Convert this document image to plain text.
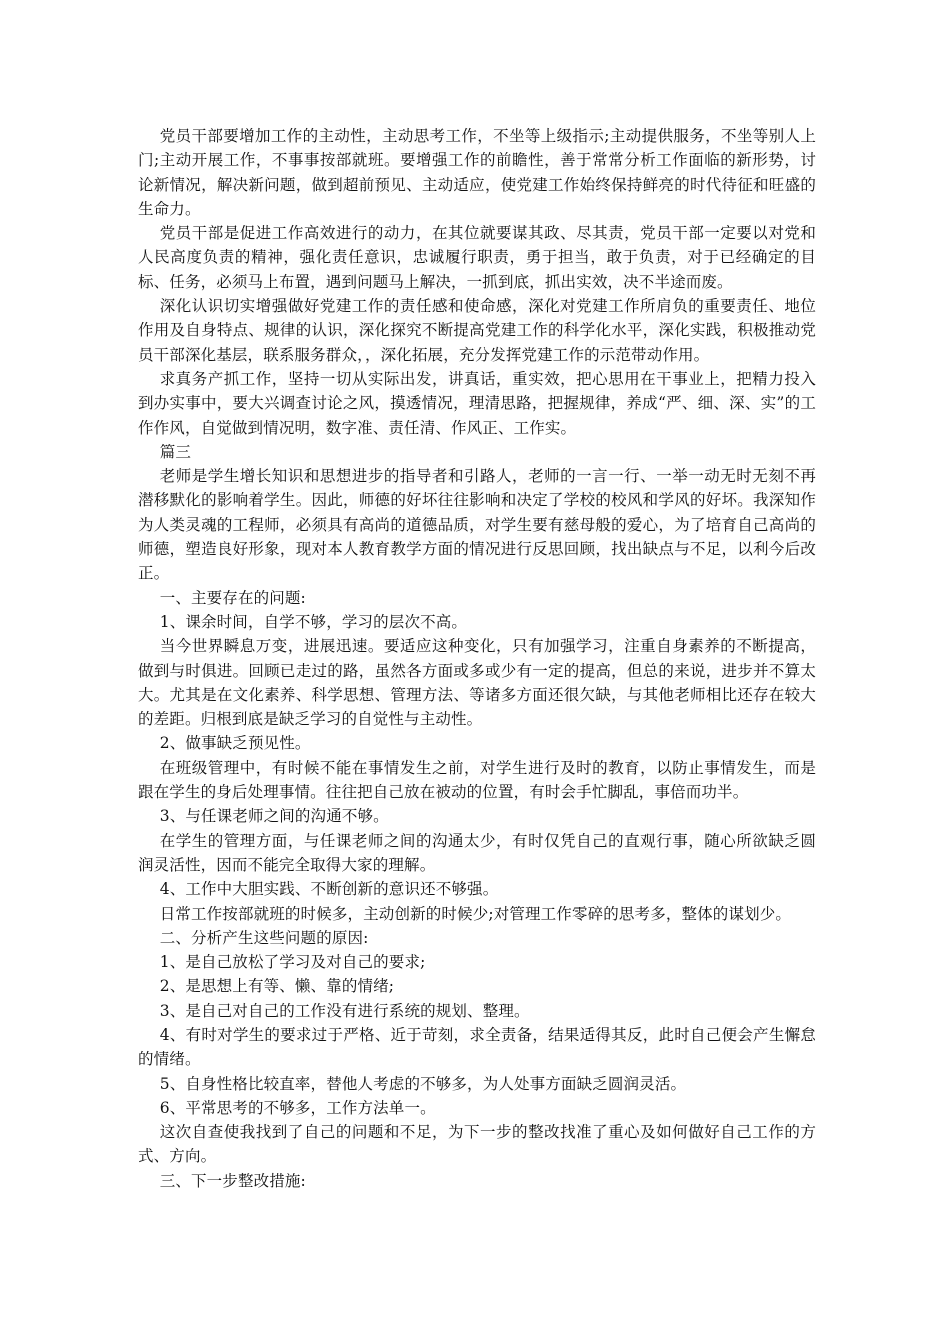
党员干部要增加工作的主动性，主动思考工作，不坐等上级指示;主动提供服务，不坐等别人上门;主动开展工作，不事事按部就班。要增强工作的前瞻性，善于常常分析工作面临的新形势，讨论新情况，解决新问题，做到超前预见、主动适应，使党建工作始终保持鲜亮的时代待征和旺盛的生命力。

党员干部是促进工作高效进行的动力，在其位就要谋其政、尽其责，党员干部一定要以对党和人民高度负责的精神，强化责任意识，忠诚履行职责，勇于担当，敢于负责，对于已经确定的目标、任务，必须马上布置，遇到问题马上解决，一抓到底，抓出实效，决不半途而废。

深化认识切实增强做好党建工作的责任感和使命感，深化对党建工作所肩负的重要责任、地位作用及自身特点、规律的认识，深化探究不断提高党建工作的科学化水平，深化实践，积极推动党员干部深化基层，联系服务群众，，深化拓展，充分发挥党建工作的示范带动作用。

求真务产抓工作，坚持一切从实际出发，讲真话，重实效，把心思用在干事业上，把精力投入到办实事中，要大兴调查讨论之风，摸透情况，理清思路，把握规律，养成“严、细、深、实”的工作作风，自觉做到情况明，数字准、责任清、作风正、工作实。

篇三

老师是学生增长知识和思想进步的指导者和引路人，老师的一言一行、一举一动无时无刻不再潜移默化的影响着学生。因此，师德的好坏往往影响和决定了学校的校风和学风的好坏。我深知作为人类灵魂的工程师，必须具有高尚的道德品质，对学生要有慈母般的爱心，为了培育自己高尚的师德，塑造良好形象，现对本人教育教学方面的情况进行反思回顾，找出缺点与不足，以利今后改正。

一、主要存在的问题:

1、课余时间，自学不够，学习的层次不高。

当今世界瞬息万变，进展迅速。要适应这种变化，只有加强学习，注重自身素养的不断提高，做到与时俱进。回顾已走过的路，虽然各方面或多或少有一定的提高，但总的来说，进步并不算太大。尤其是在文化素养、科学思想、管理方法、等诸多方面还很欠缺，与其他老师相比还存在较大的差距。归根到底是缺乏学习的自觉性与主动性。

2、做事缺乏预见性。

在班级管理中，有时候不能在事情发生之前，对学生进行及时的教育，以防止事情发生，而是跟在学生的身后处理事情。往往把自己放在被动的位置，有时会手忙脚乱，事倍而功半。

3、与任课老师之间的沟通不够。

在学生的管理方面，与任课老师之间的沟通太少，有时仅凭自己的直观行事，随心所欲缺乏圆润灵活性，因而不能完全取得大家的理解。

4、工作中大胆实践、不断创新的意识还不够强。

日常工作按部就班的时候多，主动创新的时候少;对管理工作零碎的思考多，整体的谋划少。

二、分析产生这些问题的原因:

1、是自己放松了学习及对自己的要求;

2、是思想上有等、懒、靠的情绪;

3、是自己对自己的工作没有进行系统的规划、整理。

4、有时对学生的要求过于严格、近于苛刻，求全责备，结果适得其反，此时自己便会产生懈怠的情绪。

5、自身性格比较直率，替他人考虑的不够多，为人处事方面缺乏圆润灵活。

6、平常思考的不够多，工作方法单一。

这次自查使我找到了自己的问题和不足，为下一步的整改找准了重心及如何做好自己工作的方式、方向。

三、下一步整改措施:
